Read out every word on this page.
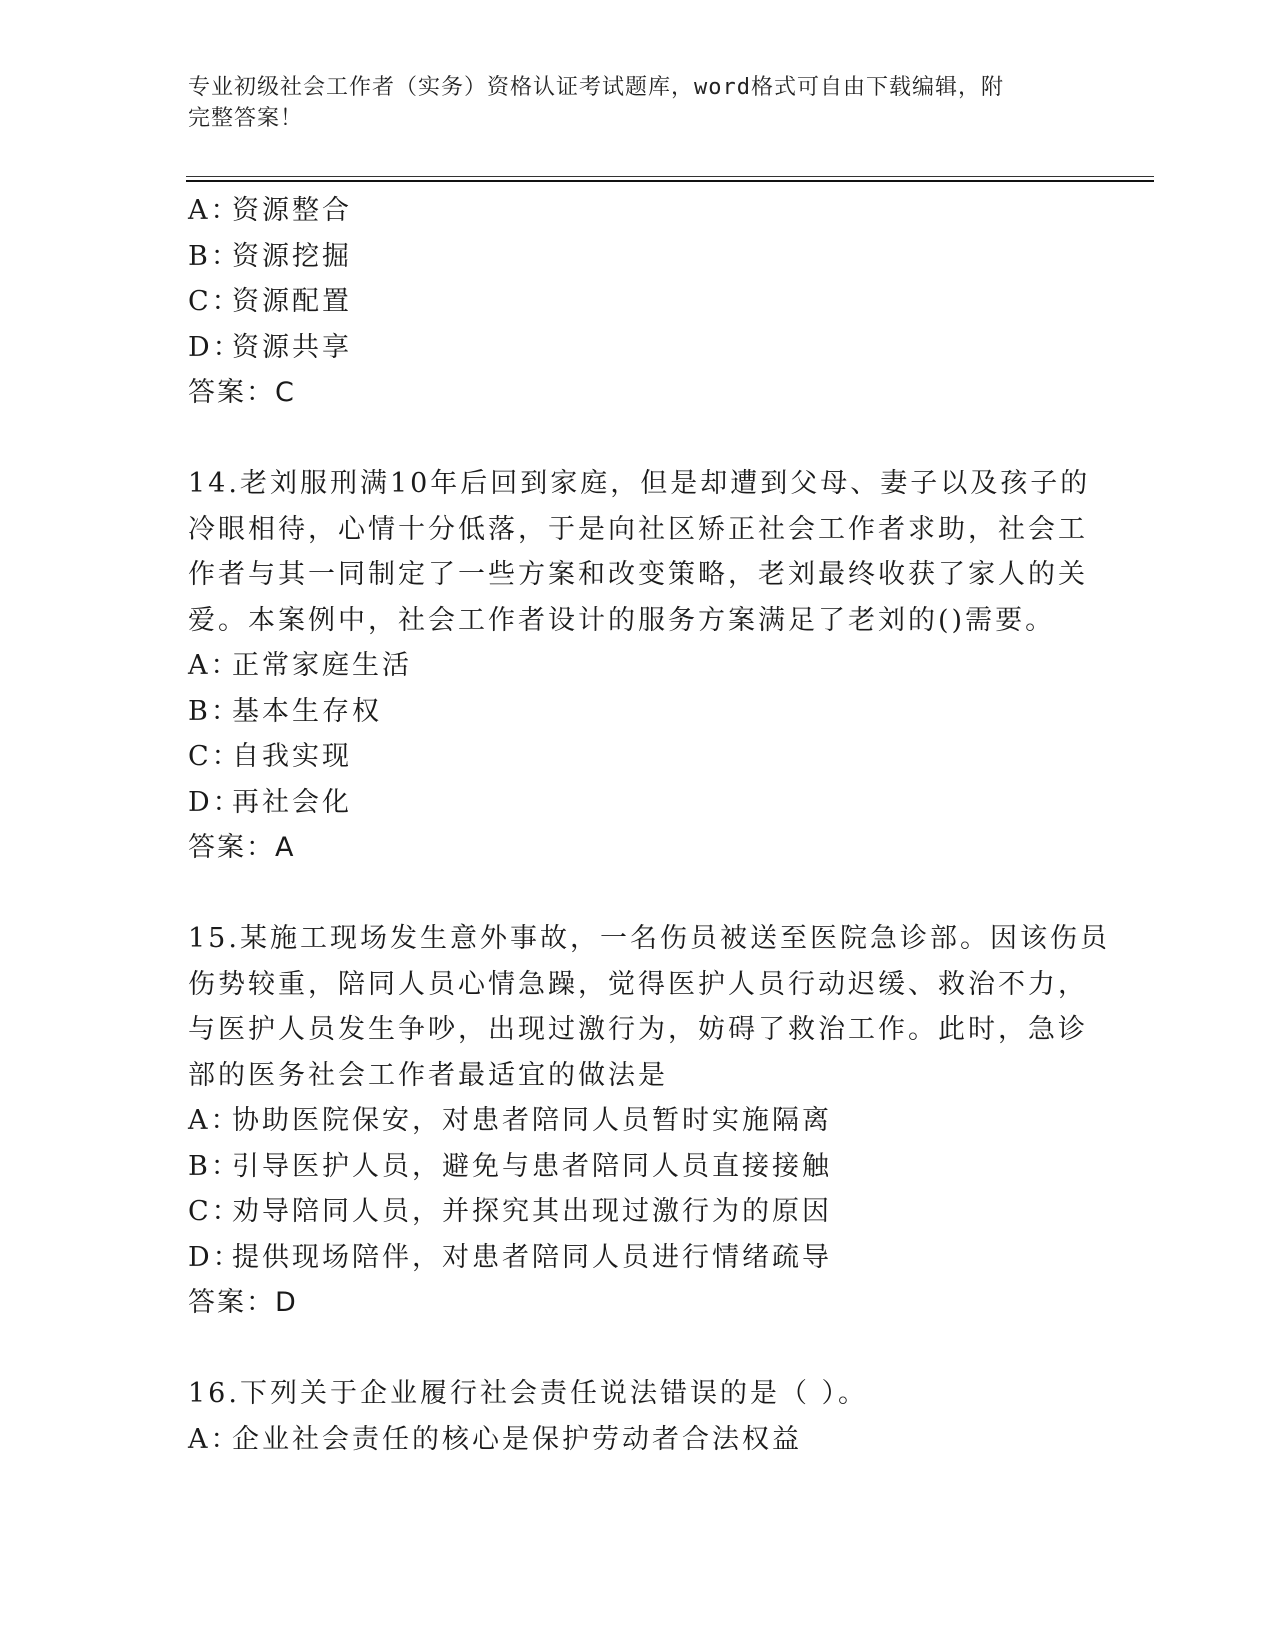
专业初级社会工作者（实务）资格认证考试题库，word格式可自由下载编辑，附
完整答案！
A：资源整合
B：资源挖掘
C：资源配置
D：资源共享
答案：C
14.老刘服刑满10年后回到家庭，但是却遭到父母、妻子以及孩子的
冷眼相待，心情十分低落，于是向社区矫正社会工作者求助，社会工
作者与其一同制定了一些方案和改变策略，老刘最终收获了家人的关
爱。本案例中，社会工作者设计的服务方案满足了老刘的()需要。
A：正常家庭生活
B：基本生存权
C：自我实现
D：再社会化
答案：A
15.某施工现场发生意外事故，一名伤员被送至医院急诊部。因该伤员
伤势较重，陪同人员心情急躁，觉得医护人员行动迟缓、救治不力，
与医护人员发生争吵，出现过激行为，妨碍了救治工作。此时，急诊
部的医务社会工作者最适宜的做法是
A：协助医院保安，对患者陪同人员暂时实施隔离
B：引导医护人员，避免与患者陪同人员直接接触
C：劝导陪同人员，并探究其出现过激行为的原因
D：提供现场陪伴，对患者陪同人员进行情绪疏导
答案：D
16.下列关于企业履行社会责任说法错误的是（ ）。
A：企业社会责任的核心是保护劳动者合法权益
